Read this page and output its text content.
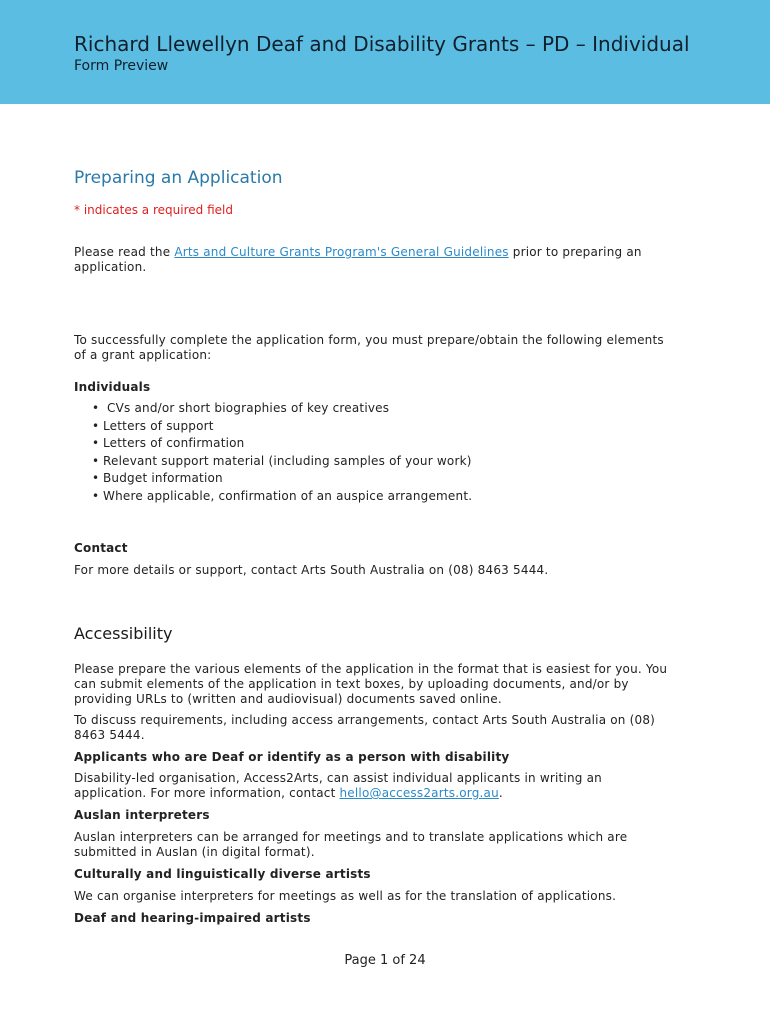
Richard Llewellyn Deaf and Disability Grants – PD – Individual
Form Preview
Preparing an Application
* indicates a required field

Please read the Arts and Culture Grants Program's General Guidelines prior to preparing an application.

To successfully complete the application form, you must prepare/obtain the following elements of a grant application:

Individuals
• CVs and/or short biographies of key creatives
• Letters of support
• Letters of confirmation
• Relevant support material (including samples of your work)
• Budget information
• Where applicable, confirmation of an auspice arrangement.
Contact

For more details or support, contact Arts South Australia on (08) 8463 5444.

Accessibility

Please prepare the various elements of the application in the format that is easiest for you. You can submit elements of the application in text boxes, by uploading documents, and/or by providing URLs to (written and audiovisual) documents saved online.

To discuss requirements, including access arrangements, contact Arts South Australia on (08) 8463 5444.

Applicants who are Deaf or identify as a person with disability

Disability-led organisation, Access2Arts, can assist individual applicants in writing an application. For more information, contact hello@access2arts.org.au.

Auslan interpreters

Auslan interpreters can be arranged for meetings and to translate applications which are submitted in Auslan (in digital format).

Culturally and linguistically diverse artists

We can organise interpreters for meetings as well as for the translation of applications.

Deaf and hearing-impaired artists
Page 1 of 24
